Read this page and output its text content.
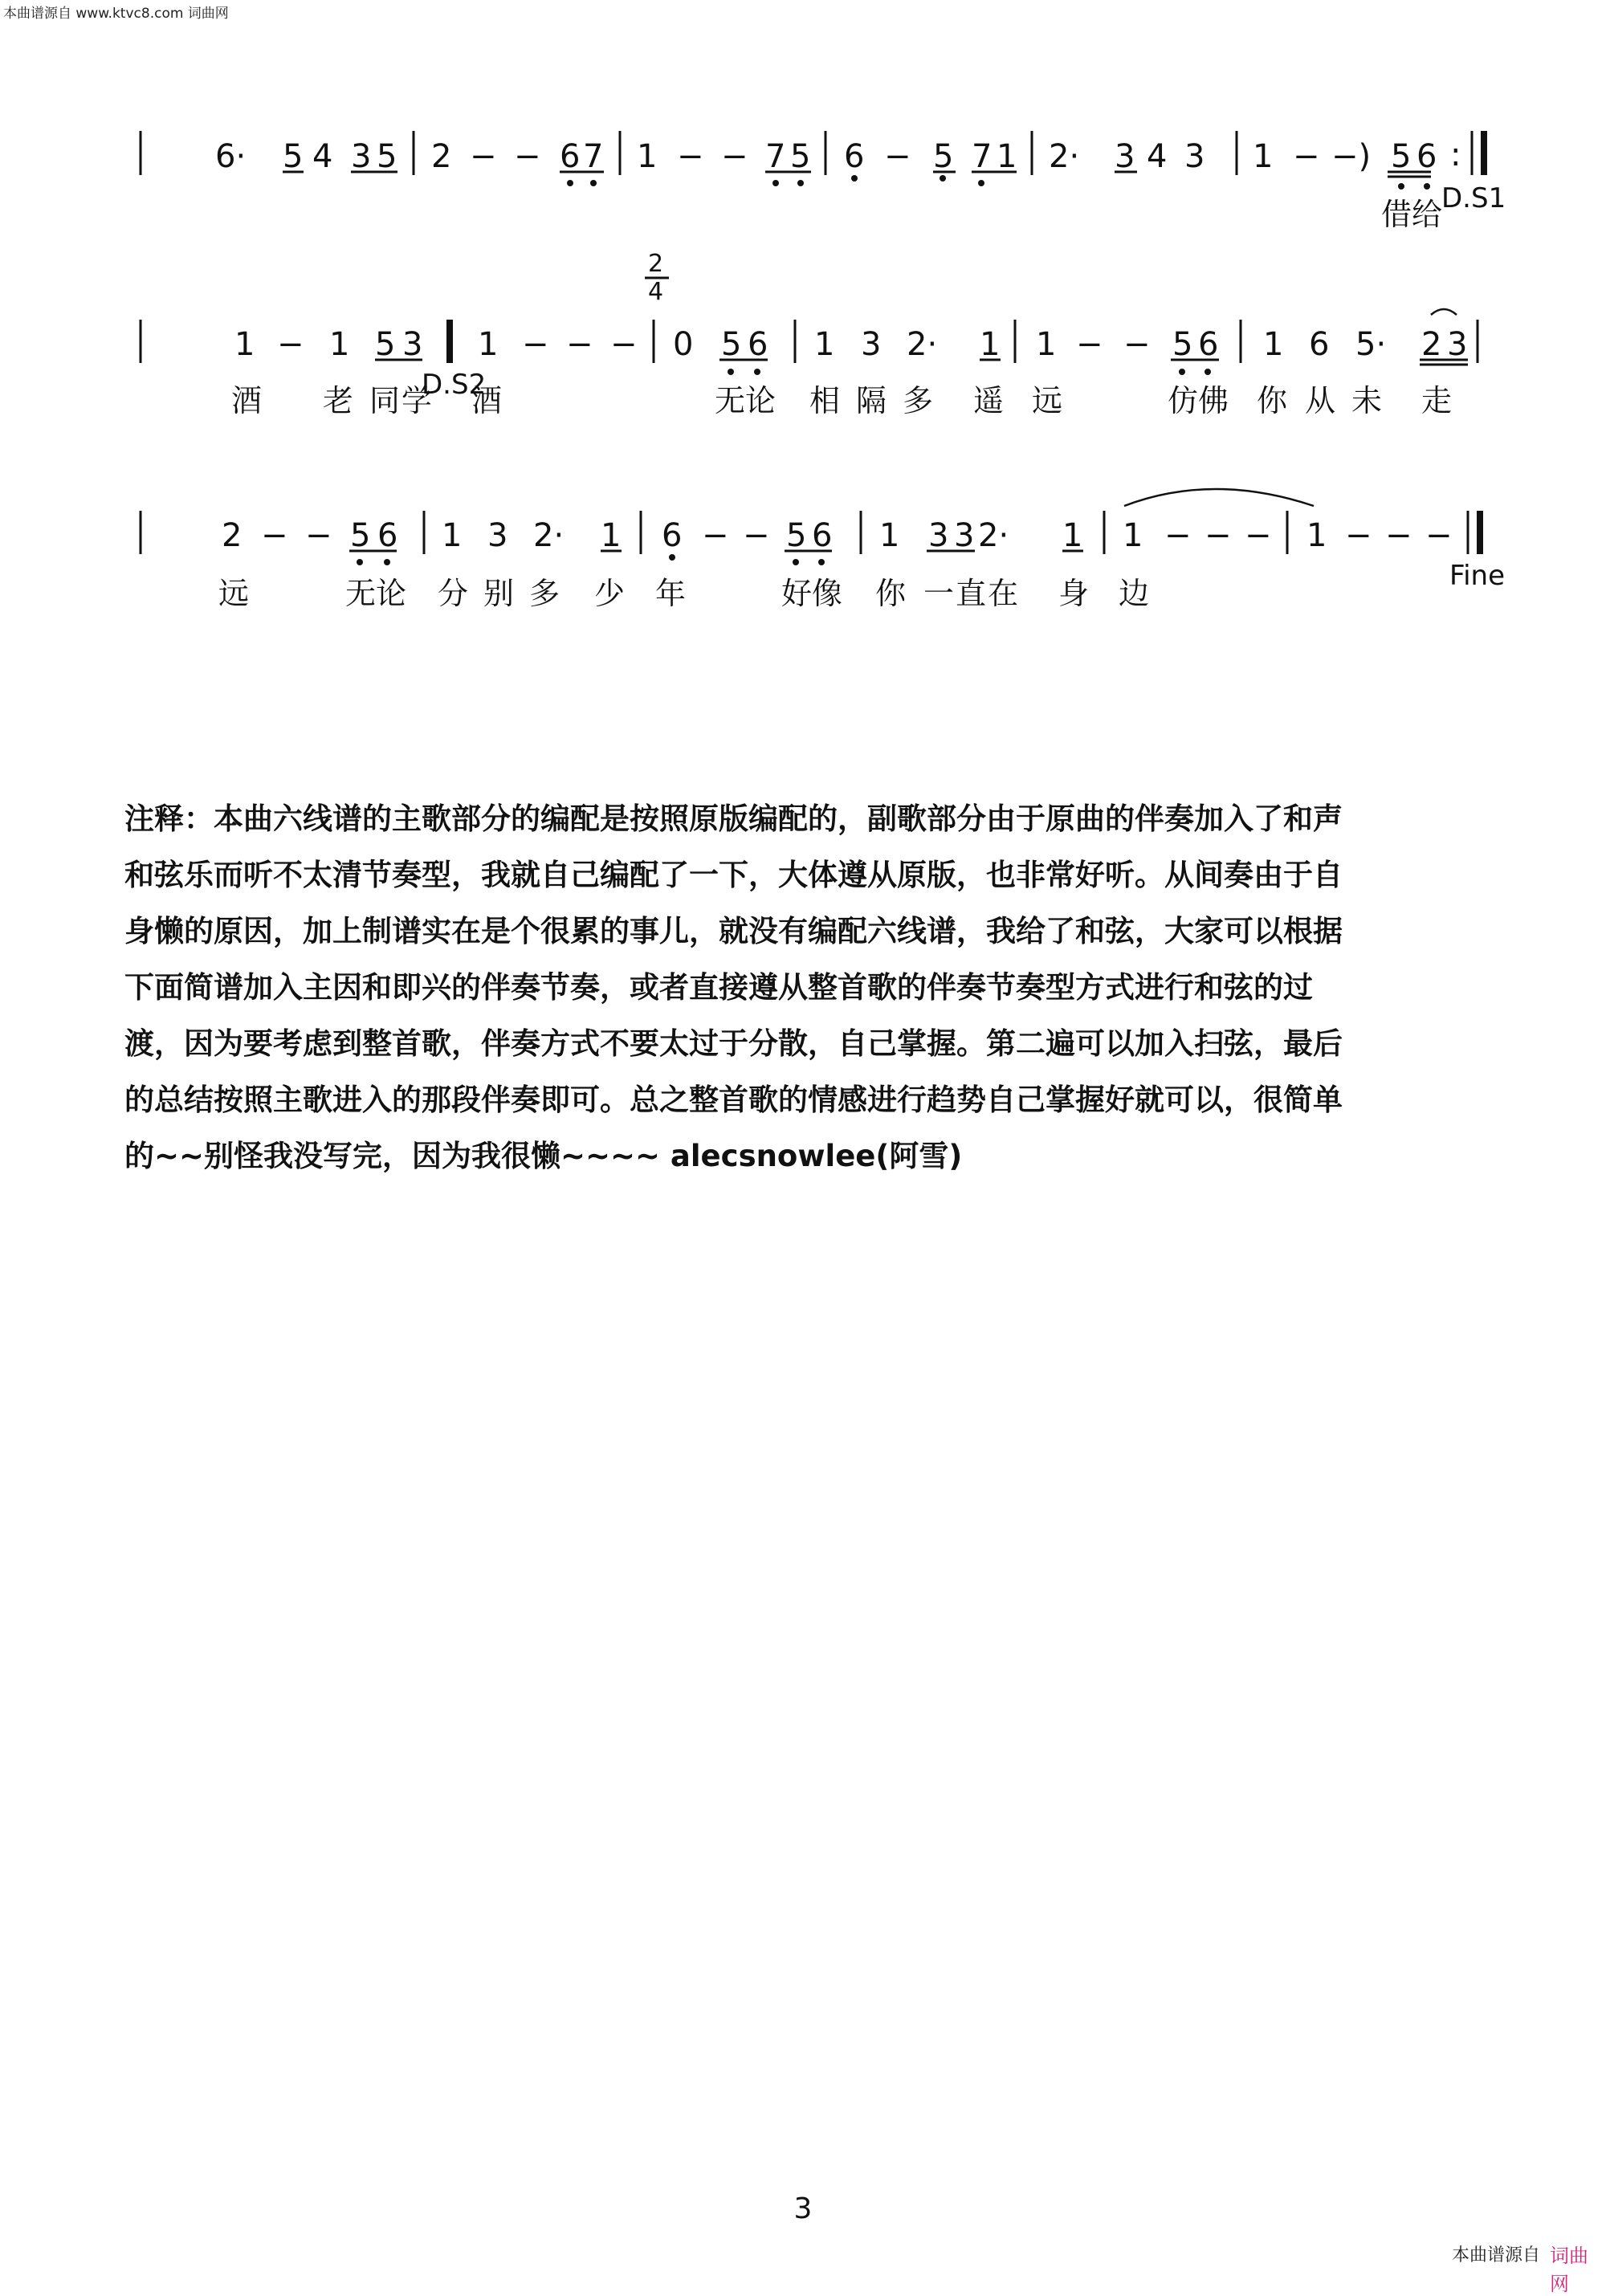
本曲谱源自 www.ktvc8.com 词曲网
6· 5 4 3 5 2 − − 6 7 1 − − 7 5 6 − 5 7 1 2· 3 4 3 1 − −) 5 6 :
D.S1
借 给
2
4
1 − 1 5 3 1 − − − 0 5 6 1 3 2· 1 1 − − 5 6 1 6 5· 2 3
D.S2
酒 老 同 学 酒	无 论 相 隔 多 遥 远	仿 佛 你 从 未 走
2 − − 5 6 1 3 2· 1 6 − − 5 6 1 3 3 2· 1 1 − − − 1 − − −
Fine
远	无 论 分 别 多 少 年	好 像 你 一 直 在 身 边
注释：本曲六线谱的主歌部分的编配是按照原版编配的，副歌部分由于原曲的伴奏加入了和声
和弦乐而听不太清节奏型，我就自己编配了一下，大体遵从原版，也非常好听。从间奏由于自
身懒的原因，加上制谱实在是个很累的事儿，就没有编配六线谱，我给了和弦，大家可以根据
下面简谱加入主因和即兴的伴奏节奏，或者直接遵从整首歌的伴奏节奏型方式进行和弦的过
渡，因为要考虑到整首歌，伴奏方式不要太过于分散，自己掌握。第二遍可以加入扫弦，最后
的总结按照主歌进入的那段伴奏即可。总之整首歌的情感进行趋势自己掌握好就可以，很简单
的~~别怪我没写完，因为我很懒~~~~ alecsnowlee(阿雪)
3
本曲谱源自 词曲网
